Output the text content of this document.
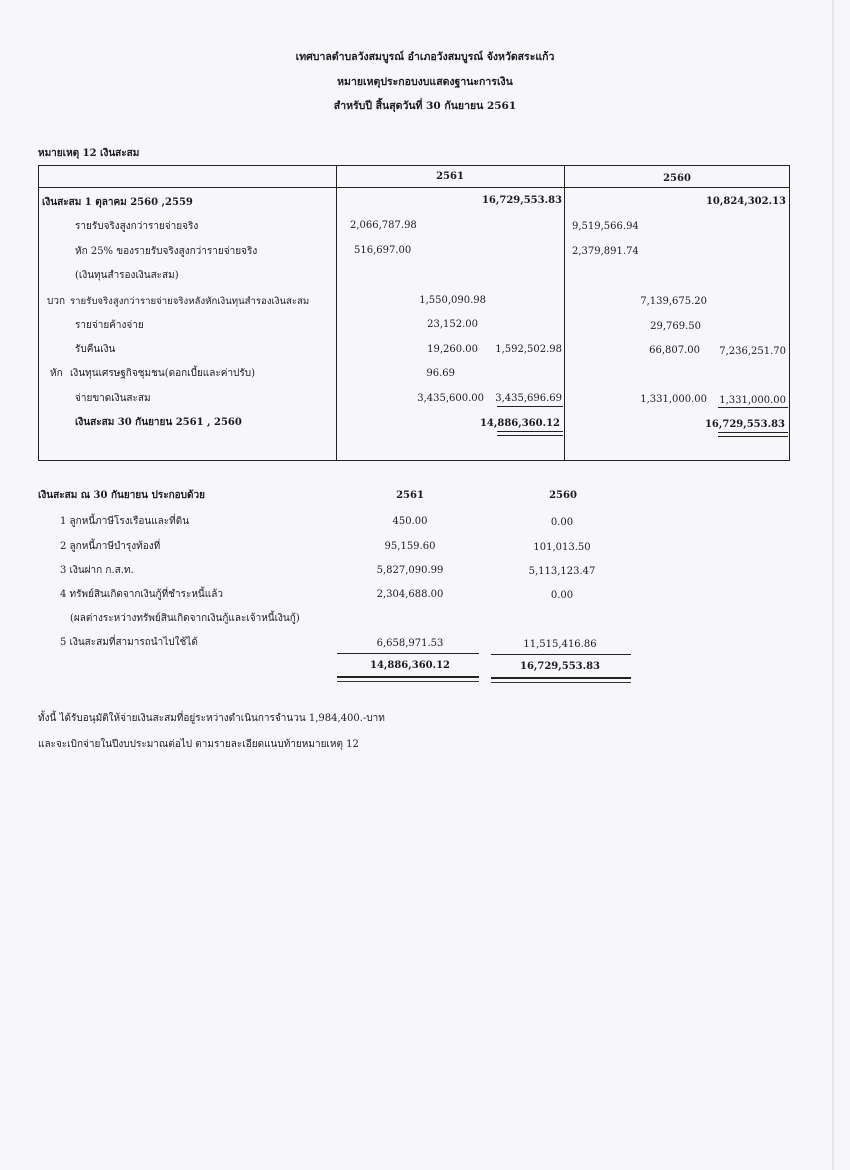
เทศบาลตำบลวังสมบูรณ์ อำเภอวังสมบูรณ์ จังหวัดสระแก้ว
หมายเหตุประกอบงบแสดงฐานะการเงิน
สำหรับปี สิ้นสุดวันที่ 30 กันยายน 2561
หมายเหตุ 12 เงินสะสม
2561	2560
เงินสะสม 1 ตุลาคม 2560 ,2559	16,729,553.83	10,824,302.13
รายรับจริงสูงกว่ารายจ่ายจริง	2,066,787.98	9,519,566.94
หัก 25% ของรายรับจริงสูงกว่ารายจ่ายจริง	516,697.00	2,379,891.74
(เงินทุนสำรองเงินสะสม)
บวก รายรับจริงสูงกว่ารายจ่ายจริงหลังหักเงินทุนสำรองเงินสะสม	1,550,090.98	7,139,675.20
รายจ่ายค้างจ่าย	23,152.00	29,769.50
รับคืนเงิน	19,260.00	1,592,502.98	66,807.00	7,236,251.70
หัก เงินทุนเศรษฐกิจชุมชน(ดอกเบี้ยและค่าปรับ)	96.69
จ่ายขาดเงินสะสม	3,435,600.00	3,435,696.69	1,331,000.00	1,331,000.00
เงินสะสม 30 กันยายน 2561 , 2560	14,886,360.12	16,729,553.83
เงินสะสม ณ 30 กันยายน ประกอบด้วย	2561	2560
1 ลูกหนี้ภาษีโรงเรือนและที่ดิน	450.00	0.00
2 ลูกหนี้ภาษีบำรุงท้องที่	95,159.60	101,013.50
3 เงินฝาก ก.ส.ท.	5,827,090.99	5,113,123.47
4 ทรัพย์สินเกิดจากเงินกู้ที่ชำระหนี้แล้ว	2,304,688.00	0.00
(ผลต่างระหว่างทรัพย์สินเกิดจากเงินกู้และเจ้าหนี้เงินกู้)
5 เงินสะสมที่สามารถนำไปใช้ได้	6,658,971.53	11,515,416.86
14,886,360.12	16,729,553.83
ทั้งนี้ ได้รับอนุมัติให้จ่ายเงินสะสมที่อยู่ระหว่างดำเนินการจำนวน 1,984,400.-บาท
และจะเบิกจ่ายในปีงบประมาณต่อไป ตามรายละเอียดแนบท้ายหมายเหตุ 12
